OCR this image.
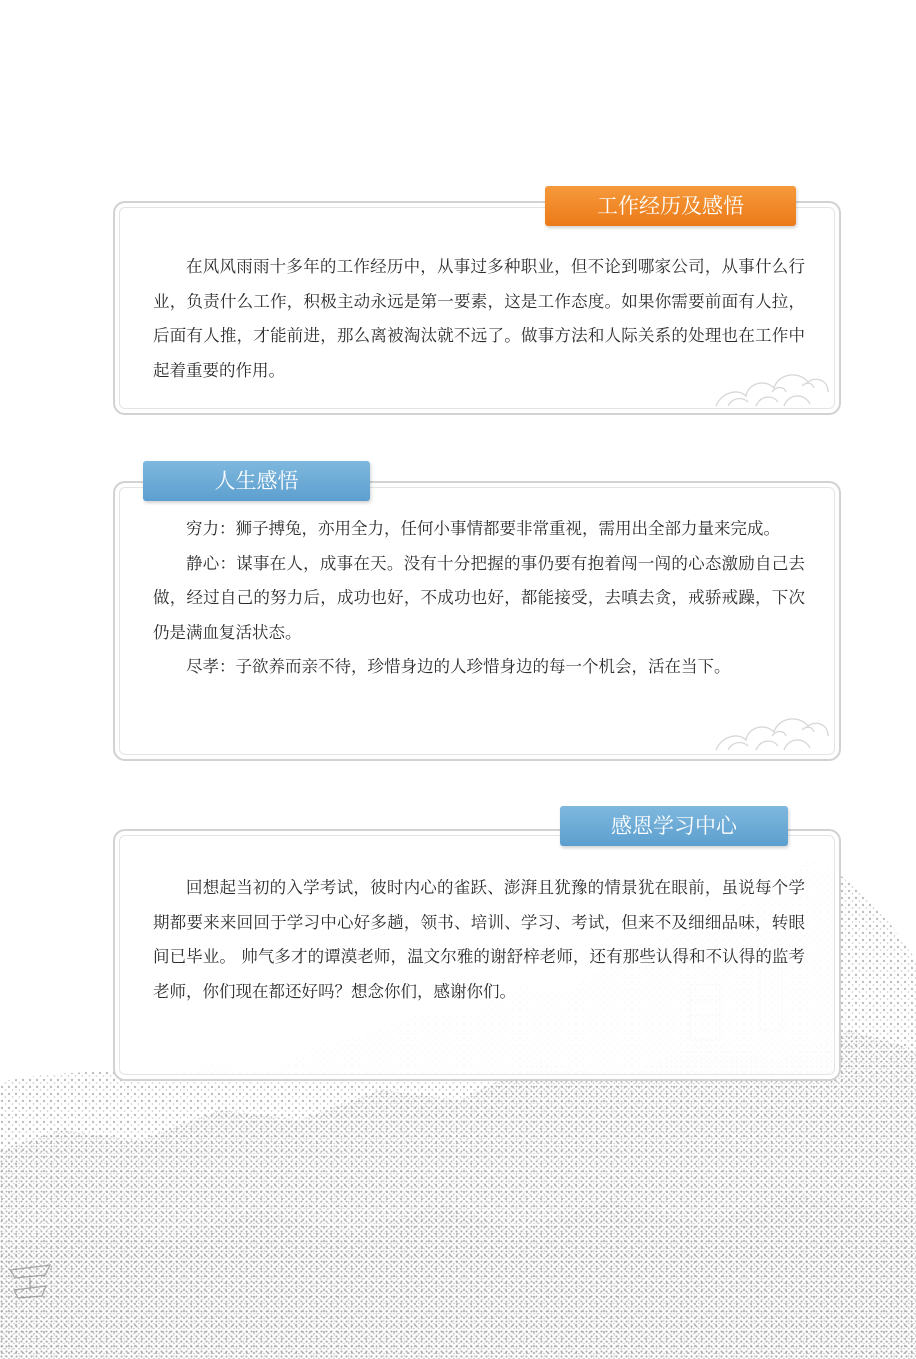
工作经历及感悟

在风风雨雨十多年的工作经历中，从事过多种职业，但不论到哪家公司，从事什么行业，负责什么工作，积极主动永远是第一要素，这是工作态度。如果你需要前面有人拉，后面有人推，才能前进，那么离被淘汰就不远了。做事方法和人际关系的处理也在工作中起着重要的作用。

人生感悟

穷力：狮子搏兔，亦用全力，任何小事情都要非常重视，需用出全部力量来完成。

静心：谋事在人，成事在天。没有十分把握的事仍要有抱着闯一闯的心态激励自己去做，经过自己的努力后，成功也好，不成功也好，都能接受，去嗔去贪，戒骄戒躁，下次仍是满血复活状态。

尽孝：子欲养而亲不待，珍惜身边的人珍惜身边的每一个机会，活在当下。

感恩学习中心

回想起当初的入学考试，彼时内心的雀跃、澎湃且犹豫的情景犹在眼前，虽说每个学期都要来来回回于学习中心好多趟，领书、培训、学习、考试，但来不及细细品味，转眼间已毕业。 帅气多才的谭漠老师，温文尔雅的谢舒梓老师，还有那些认得和不认得的监考老师，你们现在都还好吗？想念你们，感谢你们。
